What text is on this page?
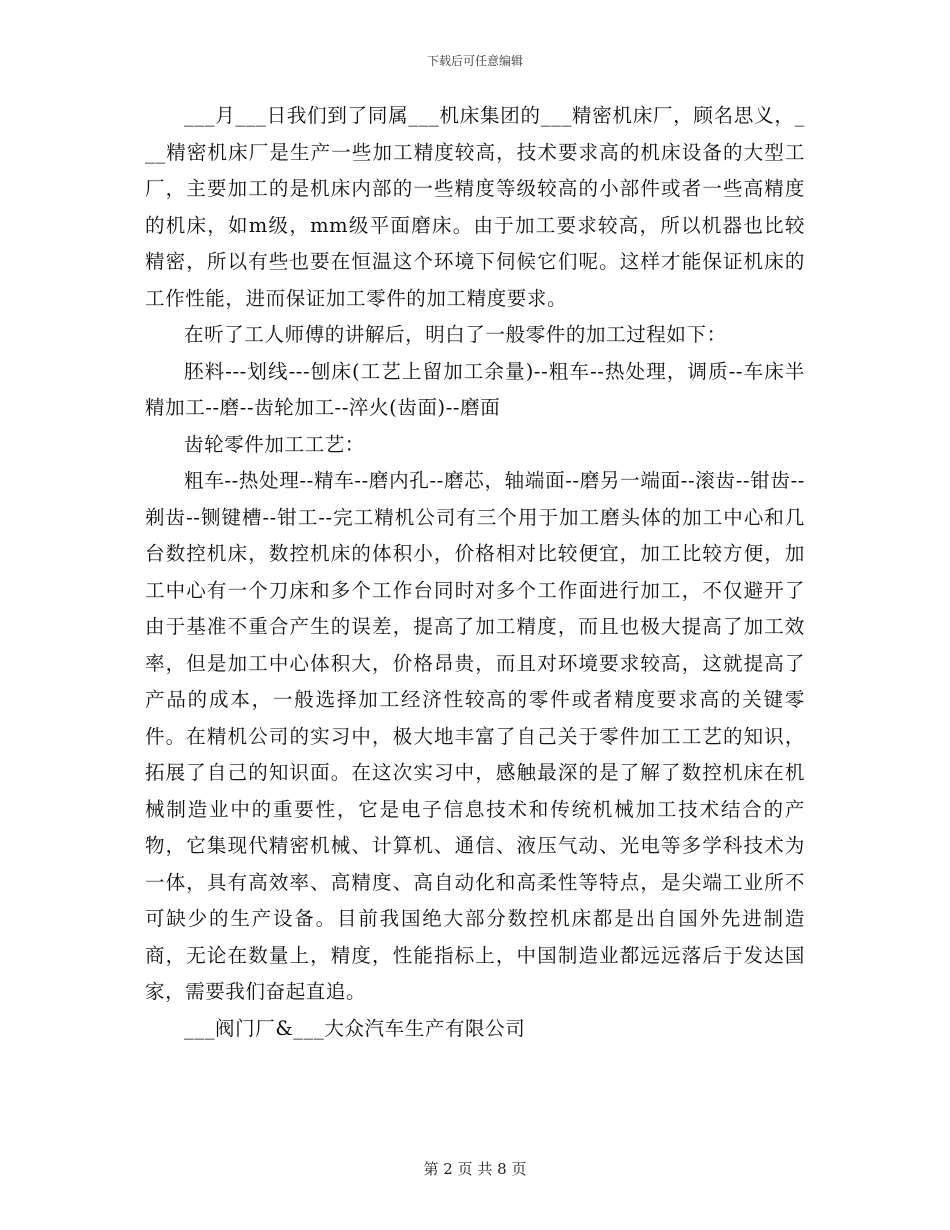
下载后可任意编辑

___月___日我们到了同属___机床集团的___精密机床厂，顾名思义，___精密机床厂是生产一些加工精度较高，技术要求高的机床设备的大型工厂，主要加工的是机床内部的一些精度等级较高的小部件或者一些高精度的机床，如m级，mm级平面磨床。由于加工要求较高，所以机器也比较精密，所以有些也要在恒温这个环境下伺候它们呢。这样才能保证机床的工作性能，进而保证加工零件的加工精度要求。

在听了工人师傅的讲解后，明白了一般零件的加工过程如下：

胚料---划线---刨床(工艺上留加工余量)--粗车--热处理，调质--车床半精加工--磨--齿轮加工--淬火(齿面)--磨面

齿轮零件加工工艺：

粗车--热处理--精车--磨内孔--磨芯，轴端面--磨另一端面--滚齿--钳齿--剃齿--铡键槽--钳工--完工精机公司有三个用于加工磨头体的加工中心和几台数控机床，数控机床的体积小，价格相对比较便宜，加工比较方便，加工中心有一个刀床和多个工作台同时对多个工作面进行加工，不仅避开了由于基准不重合产生的误差，提高了加工精度，而且也极大提高了加工效率，但是加工中心体积大，价格昂贵，而且对环境要求较高，这就提高了产品的成本，一般选择加工经济性较高的零件或者精度要求高的关键零件。在精机公司的实习中，极大地丰富了自己关于零件加工工艺的知识，拓展了自己的知识面。在这次实习中，感触最深的是了解了数控机床在机械制造业中的重要性，它是电子信息技术和传统机械加工技术结合的产物，它集现代精密机械、计算机、通信、液压气动、光电等多学科技术为一体，具有高效率、高精度、高自动化和高柔性等特点，是尖端工业所不可缺少的生产设备。目前我国绝大部分数控机床都是出自国外先进制造商，无论在数量上，精度，性能指标上，中国制造业都远远落后于发达国家，需要我们奋起直追。

___阀门厂&___大众汽车生产有限公司

第 2 页 共 8 页
